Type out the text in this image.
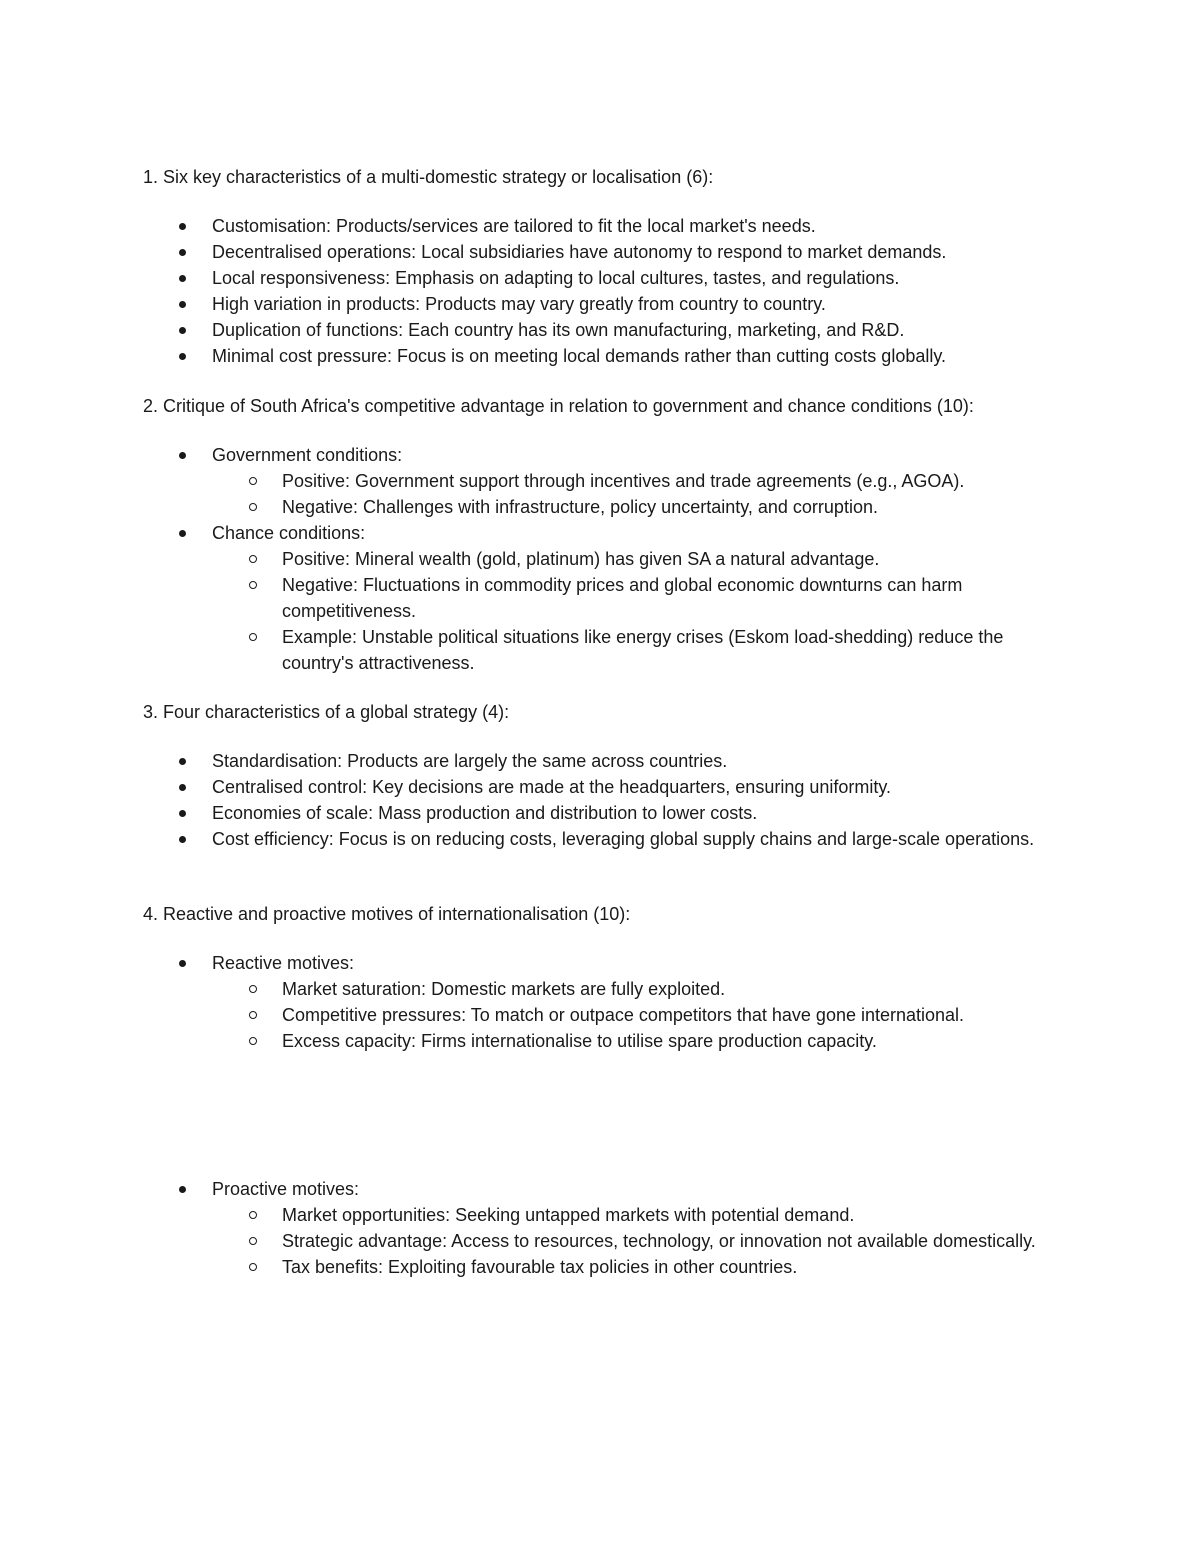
1. Six key characteristics of a multi-domestic strategy or localisation (6):
Customisation: Products/services are tailored to fit the local market's needs.
Decentralised operations: Local subsidiaries have autonomy to respond to market demands.
Local responsiveness: Emphasis on adapting to local cultures, tastes, and regulations.
High variation in products: Products may vary greatly from country to country.
Duplication of functions: Each country has its own manufacturing, marketing, and R&D.
Minimal cost pressure: Focus is on meeting local demands rather than cutting costs globally.
2. Critique of South Africa's competitive advantage in relation to government and chance conditions (10):
Government conditions:
Positive: Government support through incentives and trade agreements (e.g., AGOA).
Negative: Challenges with infrastructure, policy uncertainty, and corruption.
Chance conditions:
Positive: Mineral wealth (gold, platinum) has given SA a natural advantage.
Negative: Fluctuations in commodity prices and global economic downturns can harm competitiveness.
Example: Unstable political situations like energy crises (Eskom load-shedding) reduce the country's attractiveness.
3. Four characteristics of a global strategy (4):
Standardisation: Products are largely the same across countries.
Centralised control: Key decisions are made at the headquarters, ensuring uniformity.
Economies of scale: Mass production and distribution to lower costs.
Cost efficiency: Focus is on reducing costs, leveraging global supply chains and large-scale operations.
4. Reactive and proactive motives of internationalisation (10):
Reactive motives:
Market saturation: Domestic markets are fully exploited.
Competitive pressures: To match or outpace competitors that have gone international.
Excess capacity: Firms internationalise to utilise spare production capacity.
Proactive motives:
Market opportunities: Seeking untapped markets with potential demand.
Strategic advantage: Access to resources, technology, or innovation not available domestically.
Tax benefits: Exploiting favourable tax policies in other countries.
